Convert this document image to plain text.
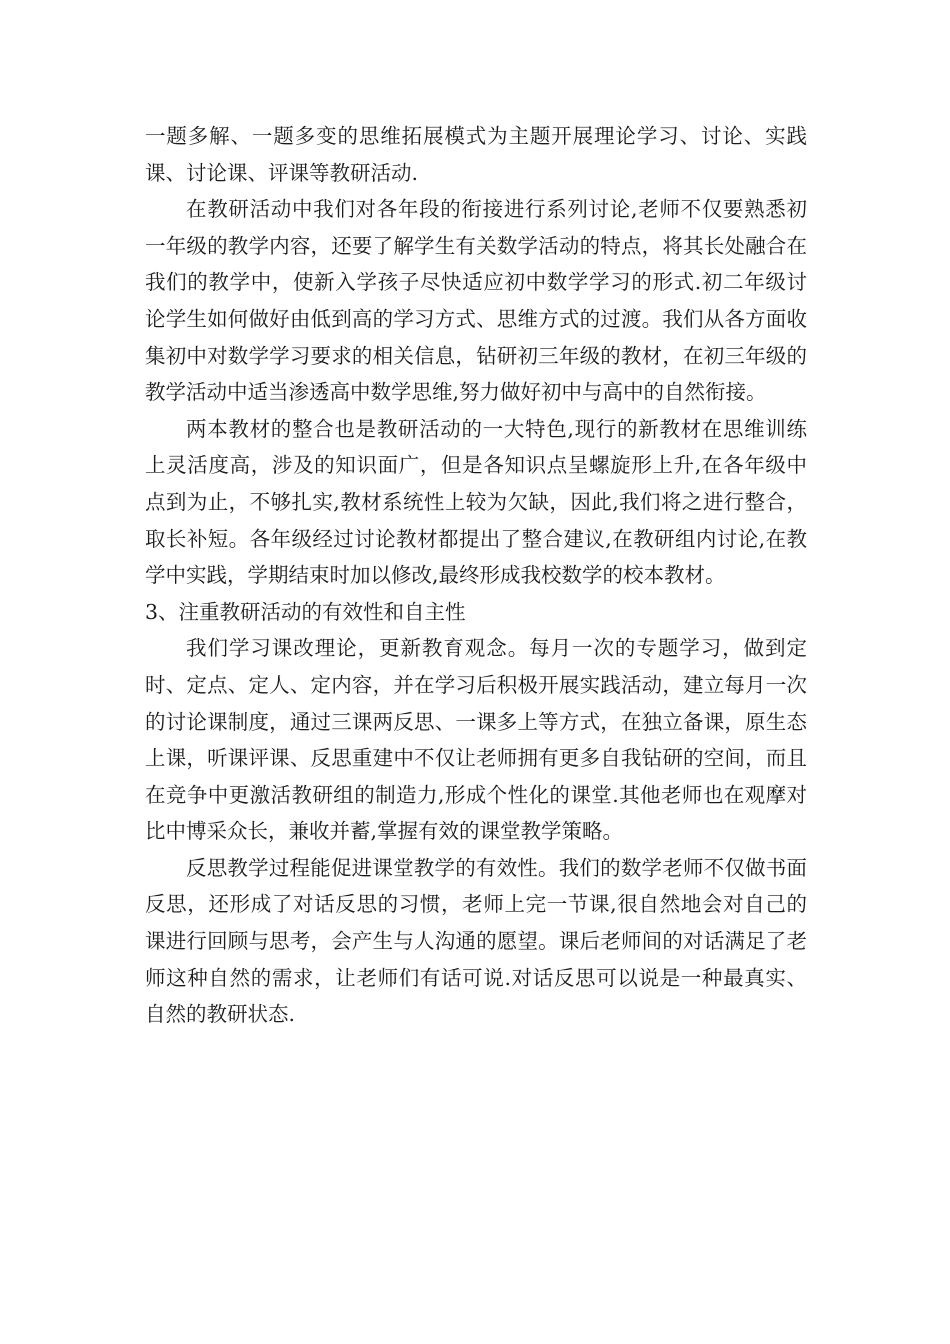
一题多解、一题多变的思维拓展模式为主题开展理论学习、讨论、实践课、讨论课、评课等教研活动.

在教研活动中我们对各年段的衔接进行系列讨论,老师不仅要熟悉初一年级的教学内容，还要了解学生有关数学活动的特点，将其长处融合在我们的教学中，使新入学孩子尽快适应初中数学学习的形式.初二年级讨论学生如何做好由低到高的学习方式、思维方式的过渡。我们从各方面收集初中对数学学习要求的相关信息，钻研初三年级的教材，在初三年级的教学活动中适当渗透高中数学思维,努力做好初中与高中的自然衔接。

两本教材的整合也是教研活动的一大特色,现行的新教材在思维训练上灵活度高，涉及的知识面广，但是各知识点呈螺旋形上升,在各年级中点到为止，不够扎实,教材系统性上较为欠缺，因此,我们将之进行整合，取长补短。各年级经过讨论教材都提出了整合建议,在教研组内讨论,在教学中实践，学期结束时加以修改,最终形成我校数学的校本教材。

3、注重教研活动的有效性和自主性

我们学习课改理论，更新教育观念。每月一次的专题学习，做到定时、定点、定人、定内容，并在学习后积极开展实践活动，建立每月一次的讨论课制度，通过三课两反思、一课多上等方式，在独立备课，原生态上课，听课评课、反思重建中不仅让老师拥有更多自我钻研的空间，而且在竞争中更激活教研组的制造力,形成个性化的课堂.其他老师也在观摩对比中博采众长，兼收并蓄,掌握有效的课堂教学策略。

反思教学过程能促进课堂教学的有效性。我们的数学老师不仅做书面反思，还形成了对话反思的习惯，老师上完一节课,很自然地会对自己的课进行回顾与思考，会产生与人沟通的愿望。课后老师间的对话满足了老师这种自然的需求，让老师们有话可说.对话反思可以说是一种最真实、自然的教研状态.
